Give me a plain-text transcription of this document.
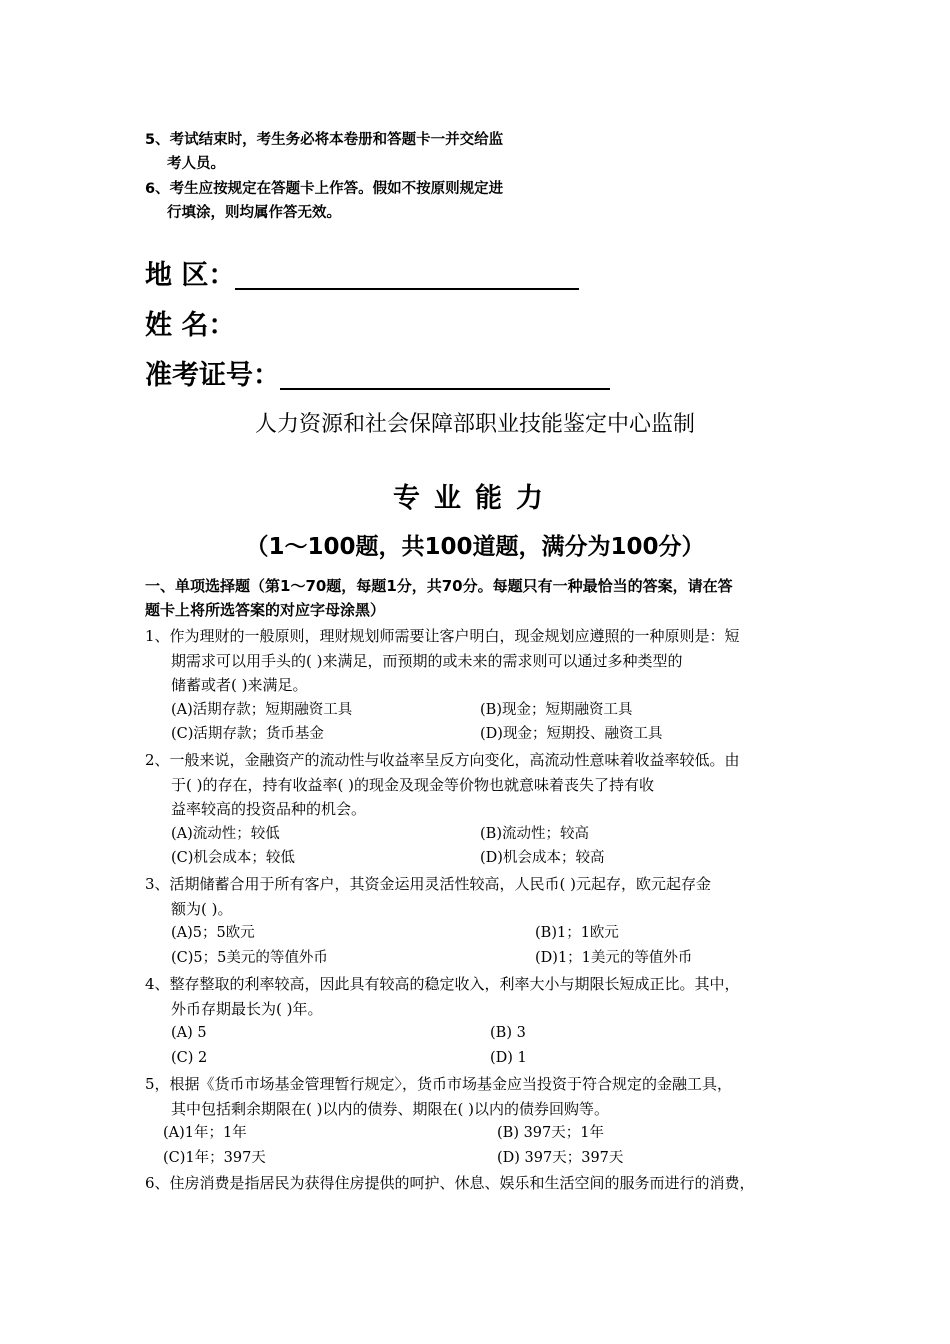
5、考试结束时，考生务必将本卷册和答题卡一并交给监
考人员。
6、考生应按规定在答题卡上作答。假如不按原则规定进
行填涂，则均属作答无效。
地 区：
姓 名：
准考证号：
人力资源和社会保障部职业技能鉴定中心监制
专业能力
（1～100题，共100道题，满分为100分）
一、单项选择题（第1～70题，每题1分，共70分。每题只有一种最恰当的答案，请在答
题卡上将所选答案的对应字母涂黑）
1、作为理财的一般原则，理财规划师需要让客户明白，现金规划应遵照的一种原则是：短
期需求可以用手头的( )来满足，而预期的或未来的需求则可以通过多种类型的
储蓄或者( )来满足。
(A)活期存款；短期融资工具	(B)现金；短期融资工具
(C)活期存款；货币基金	(D)现金；短期投、融资工具
2、一般来说，金融资产的流动性与收益率呈反方向变化，高流动性意味着收益率较低。由
于( )的存在，持有收益率( )的现金及现金等价物也就意味着丧失了持有收
益率较高的投资品种的机会。
(A)流动性；较低	(B)流动性；较高
(C)机会成本；较低	(D)机会成本；较高
3、活期储蓄合用于所有客户，其资金运用灵活性较高，人民币( )元起存，欧元起存金
额为( )。
(A)5；5欧元	(B)1；1欧元
(C)5；5美元的等值外币	(D)1；1美元的等值外币
4、整存整取的利率较高，因此具有较高的稳定收入，利率大小与期限长短成正比。其中，
外币存期最长为( )年。
(A) 5	(B) 3
(C) 2	(D) 1
5，根据《货币市场基金管理暂行规定〉，货币市场基金应当投资于符合规定的金融工具，
其中包括剩余期限在( )以内的债券、期限在( )以内的债券回购等。
(A)1年；1年	(B) 397天；1年
(C)1年；397天	(D) 397天；397天
6、住房消费是指居民为获得住房提供的呵护、休息、娱乐和生活空间的服务而进行的消费，
